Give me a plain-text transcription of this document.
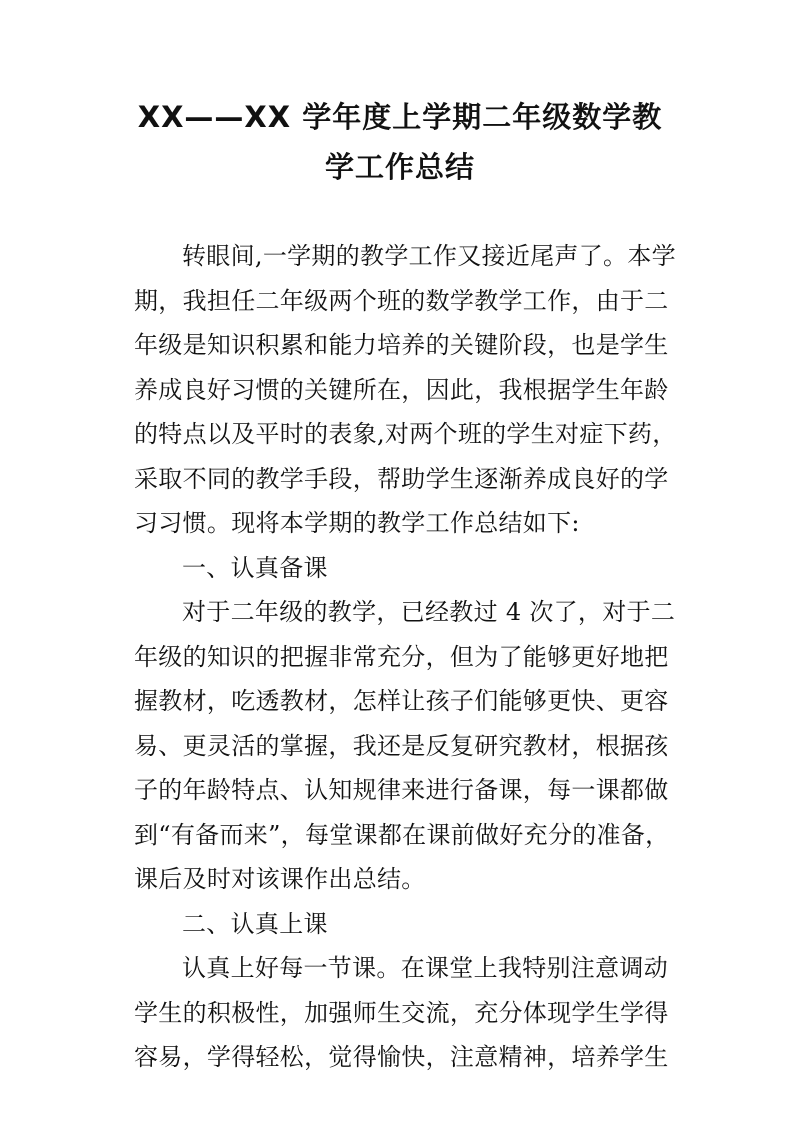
XX——XX 学年度上学期二年级数学教
学工作总结
转眼间,一学期的教学工作又接近尾声了。本学
期，我担任二年级两个班的数学教学工作，由于二
年级是知识积累和能力培养的关键阶段，也是学生
养成良好习惯的关键所在，因此，我根据学生年龄
的特点以及平时的表象,对两个班的学生对症下药，
采取不同的教学手段，帮助学生逐渐养成良好的学
习习惯。现将本学期的教学工作总结如下:
一、认真备课
对于二年级的教学，已经教过 4 次了，对于二
年级的知识的把握非常充分，但为了能够更好地把
握教材，吃透教材，怎样让孩子们能够更快、更容
易、更灵活的掌握，我还是反复研究教材，根据孩
子的年龄特点、认知规律来进行备课，每一课都做
到“有备而来”，每堂课都在课前做好充分的准备，
课后及时对该课作出总结。
二、认真上课
认真上好每一节课。在课堂上我特别注意调动
学生的积极性，加强师生交流，充分体现学生学得
容易，学得轻松，觉得愉快，注意精神，培养学生
